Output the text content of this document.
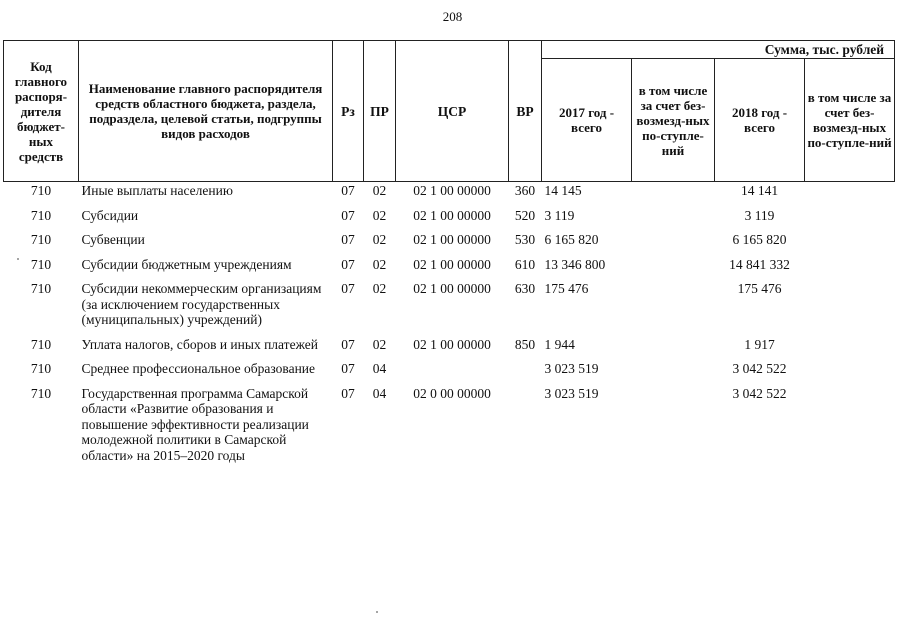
208
Код главного распоря-дителя бюджет-ных средств	Наименование главного распорядителя средств областного бюджета, раздела, подраздела, целевой статьи, подгруппы видов расходов	Рз	ПР	ЦСР	ВР	Сумма, тыс. рублей			
						2017 год - всего	в том числе за счет без-возмезд-ных по-ступле-ний	2018 год - всего	в том числе за счет без-возмезд-ных по-ступле-ний
710	Иные выплаты населению	07	02	02 1 00 00000	360	14 145		14 141	
710	Субсидии	07	02	02 1 00 00000	520	3 119		3 119	
710	Субвенции	07	02	02 1 00 00000	530	6 165 820		6 165 820	
710	Субсидии бюджетным учреждениям	07	02	02 1 00 00000	610	13 346 800		14 841 332	
710	Субсидии некоммерческим организациям (за исключением государственных (муниципальных) учреждений)	07	02	02 1 00 00000	630	175 476		175 476	
710	Уплата налогов, сборов и иных платежей	07	02	02 1 00 00000	850	1 944		1 917	
710	Среднее профессиональное образование	07	04			3 023 519		3 042 522	
710	Государственная программа Самарской области «Развитие образования и повышение эффективности реализации молодежной политики в Самарской области» на 2015–2020 годы	07	04	02 0 00 00000		3 023 519		3 042 522	
